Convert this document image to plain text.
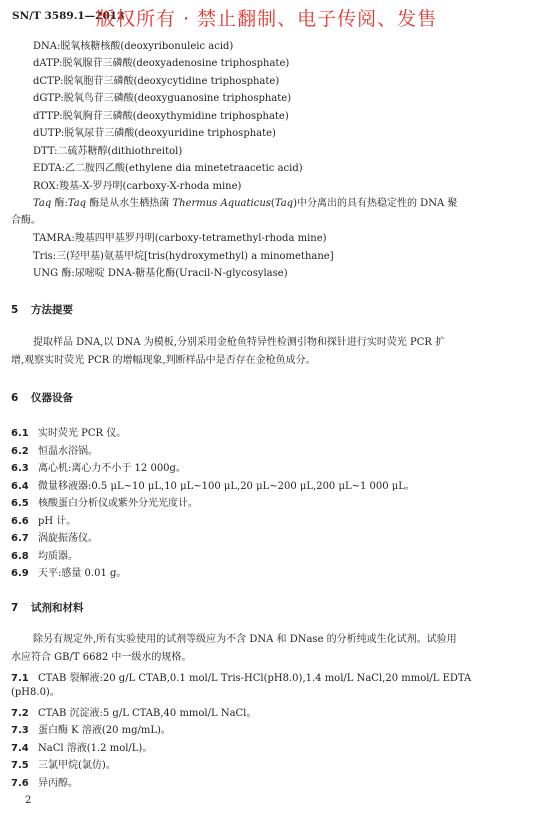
SN/T 3589.1—2013
版权所有 · 禁止翻制、电子传阅、发售
DNA:脱氧核糖核酸(deoxyribonuleic acid)
dATP:脱氧腺苷三磷酸(deoxyadenosine triphosphate)
dCTP:脱氧胞苷三磷酸(deoxycytidine triphosphate)
dGTP:脱氧鸟苷三磷酸(deoxyguanosine triphosphate)
dTTP:脱氧胸苷三磷酸(deoxythymidine triphosphate)
dUTP:脱氧尿苷三磷酸(deoxyuridine triphosphate)
DTT:二硫苏糖醇(dithiothreitol)
EDTA:乙二胺四乙酸(ethylene dia minetetraacetic acid)
ROX:羧基-X-罗丹明(carboxy-X-rhoda mine)
Taq 酶:Taq 酶是从水生栖热菌 Thermus Aquaticus(Taq)中分离出的具有热稳定性的 DNA 聚
合酶。
TAMRA:羧基四甲基罗丹明(carboxy-tetramethyl-rhoda mine)
Tris:三(羟甲基)氨基甲烷[tris(hydroxymethyl) a minomethane]
UNG 酶:尿嘧啶 DNA-糖基化酶(Uracil-N-glycosylase)
5 方法提要
提取样品 DNA,以 DNA 为模板,分别采用金枪鱼特异性检测引物和探针进行实时荧光 PCR 扩
增,观察实时荧光 PCR 的增幅现象,判断样品中是否存在金枪鱼成分。
6 仪器设备
6.1 实时荧光 PCR 仪。
6.2 恒温水浴锅。
6.3 离心机:离心力不小于 12 000g。
6.4 微量移液器:0.5 μL~10 μL,10 μL~100 μL,20 μL~200 μL,200 μL~1 000 μL。
6.5 核酸蛋白分析仪或紫外分光光度计。
6.6 pH 计。
6.7 涡旋振荡仪。
6.8 均质器。
6.9 天平:感量 0.01 g。
7 试剂和材料
除另有规定外,所有实验使用的试剂等级应为不含 DNA 和 DNase 的分析纯或生化试剂。试验用
水应符合 GB/T 6682 中一级水的规格。
7.1 CTAB 裂解液:20 g/L CTAB,0.1 mol/L Tris-HCl(pH8.0),1.4 mol/L NaCl,20 mmol/L EDTA
(pH8.0)。
7.2 CTAB 沉淀液:5 g/L CTAB,40 mmol/L NaCl。
7.3 蛋白酶 K 溶液(20 mg/mL)。
7.4 NaCl 溶液(1.2 mol/L)。
7.5 三氯甲烷(氯仿)。
7.6 异丙醇。
2
